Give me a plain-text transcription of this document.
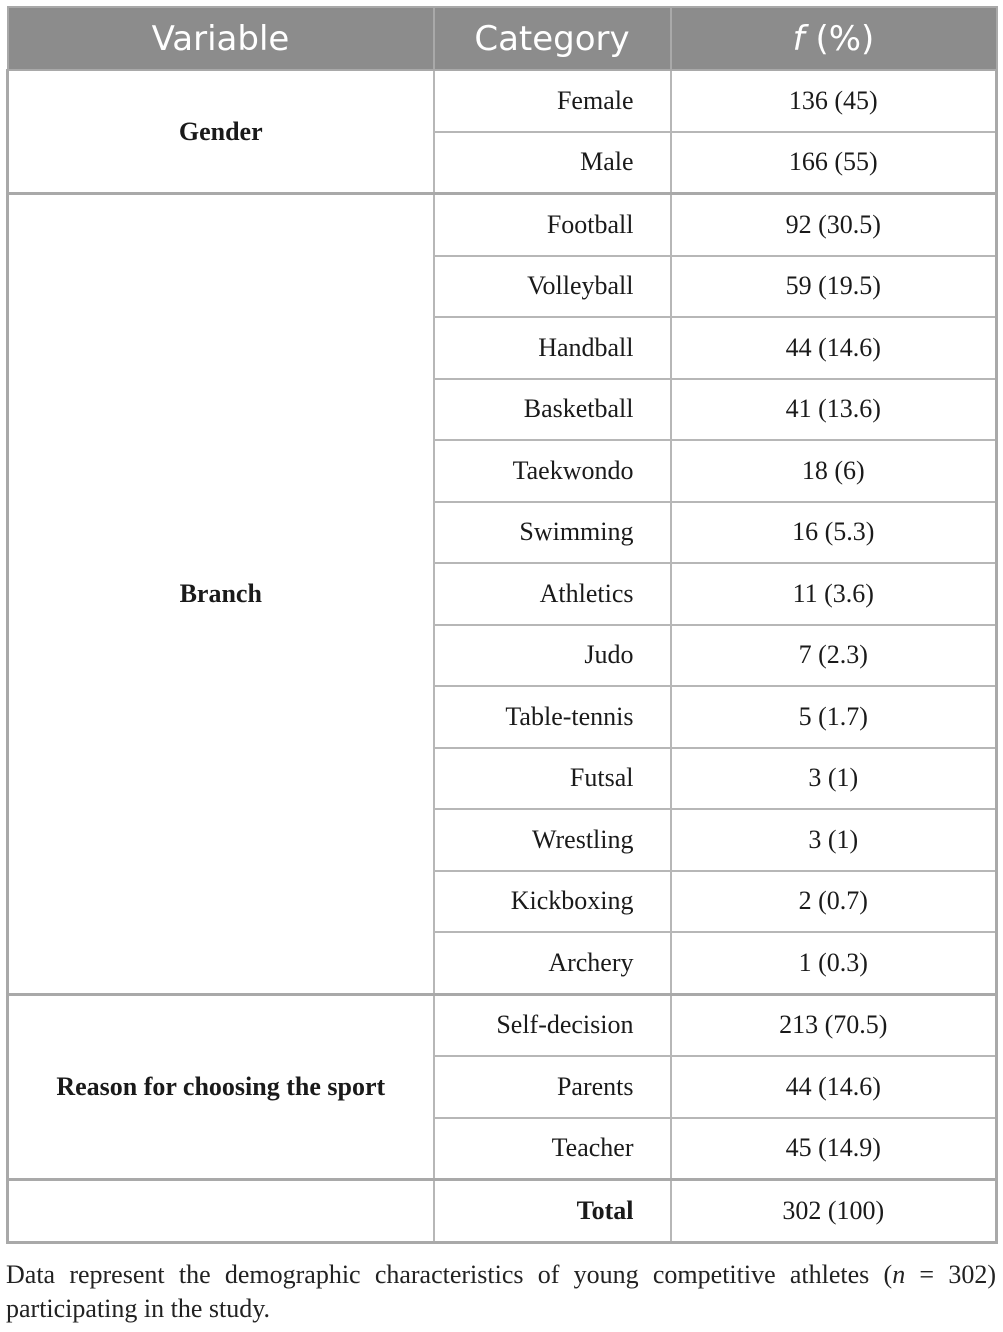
Variable	Category	f (%)
Gender	Female	136 (45)
	Male	166 (55)
Branch	Football	92 (30.5)
	Volleyball	59 (19.5)
	Handball	44 (14.6)
	Basketball	41 (13.6)
	Taekwondo	18 (6)
	Swimming	16 (5.3)
	Athletics	11 (3.6)
	Judo	7 (2.3)
	Table-tennis	5 (1.7)
	Futsal	3 (1)
	Wrestling	3 (1)
	Kickboxing	2 (0.7)
	Archery	1 (0.3)
Reason for choosing the sport	Self-decision	213 (70.5)
	Parents	44 (14.6)
	Teacher	45 (14.9)
	Total	302 (100)
Data represent the demographic characteristics of young competitive athletes (n = 302) participating in the study.
